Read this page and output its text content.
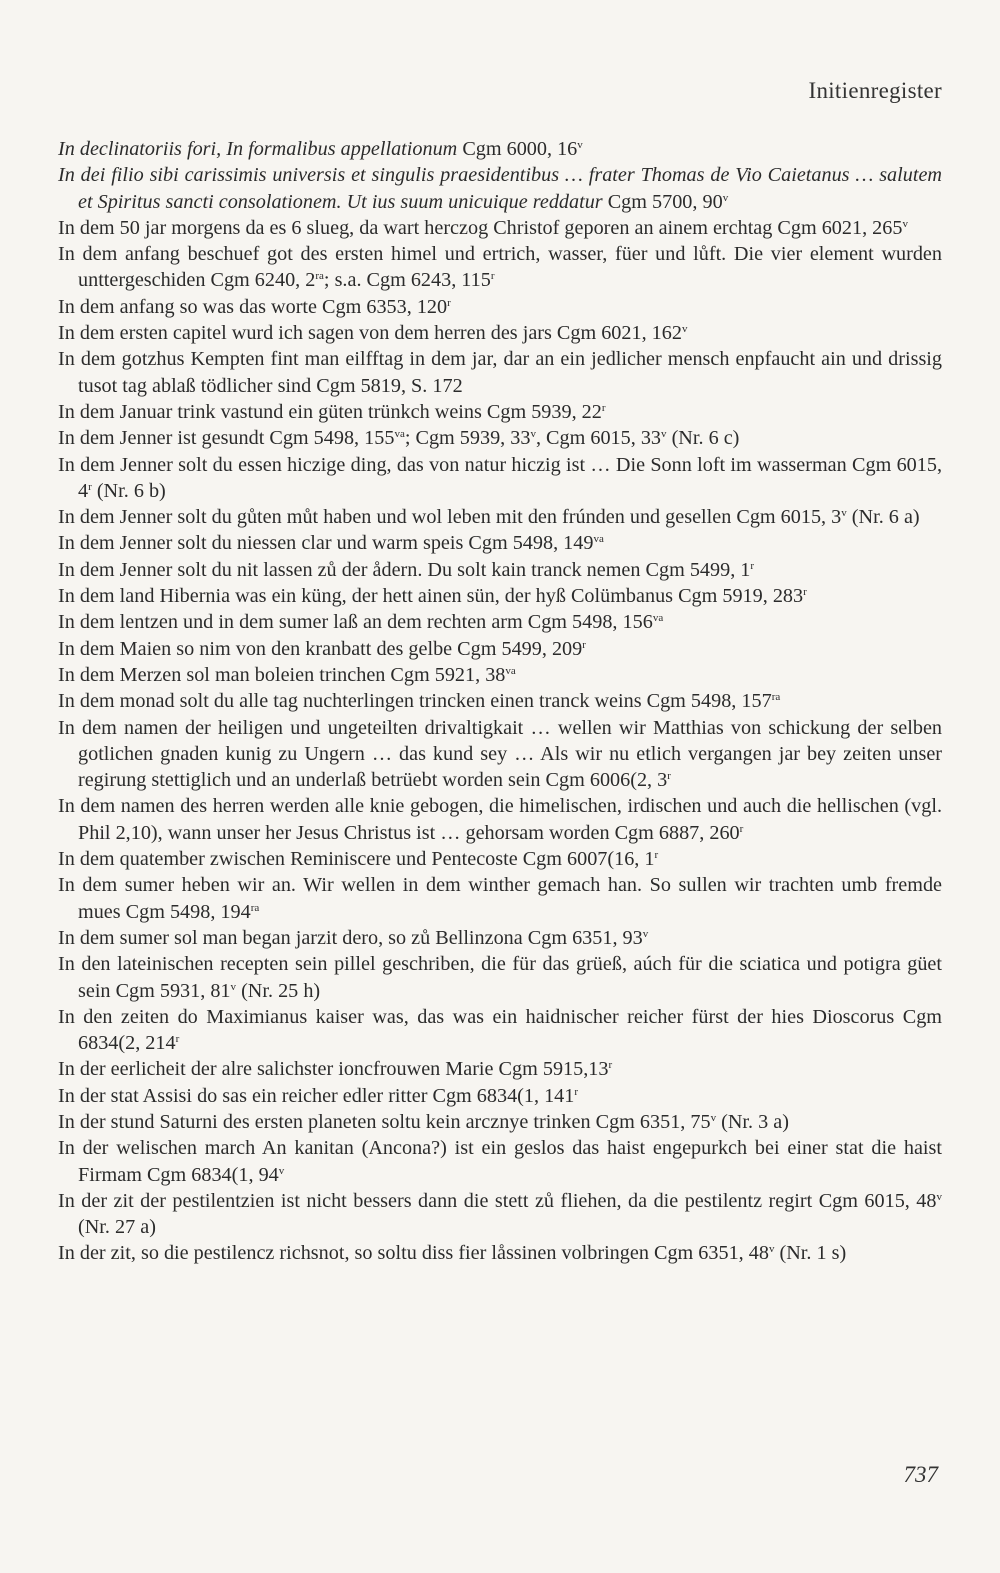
Initienregister
In declinatoriis fori, In formalibus appellationum Cgm 6000, 16$^v$
In dei filio sibi carissimis universis et singulis praesidentibus … frater Thomas de Vio Caietanus … salutem et Spiritus sancti consolationem. Ut ius suum unicuique reddatur Cgm 5700, 90$^v$
In dem 50 jar morgens da es 6 slueg, da wart herczog Christof geporen an ainem erchtag Cgm 6021, 265$^v$
In dem anfang beschuef got des ersten himel und ertrich, wasser, füer und lůft. Die vier element wurden unttergeschiden Cgm 6240, $2^{ra}$; s.a. Cgm 6243, 115$^r$
In dem anfang so was das worte Cgm 6353, 120$^r$
In dem ersten capitel wurd ich sagen von dem herren des jars Cgm 6021, 162$^v$
In dem gotzhus Kempten fint man eilfftag in dem jar, dar an ein jedlicher mensch enpfaucht ain und drissig tusot tag ablaß tödlicher sind Cgm 5819, S. 172
In dem Januar trink vastund ein güten trünkch weins Cgm 5939, 22$^r$
In dem Jenner ist gesundt Cgm 5498, $155^{va}$; Cgm 5939, 33$^v$, Cgm 6015, 33$^v$ (Nr. 6 c)
In dem Jenner solt du essen hiczige ding, das von natur hiczig ist … Die Sonn loft im wasserman Cgm 6015, 4$^r$ (Nr. 6 b)
In dem Jenner solt du gůten můt haben und wol leben mit den frúnden und gesellen Cgm 6015, 3$^v$ (Nr. 6 a)
In dem Jenner solt du niessen clar und warm speis Cgm 5498, $149^{va}$
In dem Jenner solt du nit lassen zů der ådern. Du solt kain tranck nemen Cgm 5499, 1$^r$
In dem land Hibernia was ein küng, der hett ainen sün, der hyß Colümbanus Cgm 5919, 283$^r$
In dem lentzen und in dem sumer laß an dem rechten arm Cgm 5498, $156^{va}$
In dem Maien so nim von den kranbatt des gelbe Cgm 5499, 209$^r$
In dem Merzen sol man boleien trinchen Cgm 5921, $38^{va}$
In dem monad solt du alle tag nuchterlingen trincken einen tranck weins Cgm 5498, $157^{ra}$
In dem namen der heiligen und ungeteilten drivaltigkait … wellen wir Matthias von schickung der selben gotlichen gnaden kunig zu Ungern … das kund sey … Als wir nu etlich vergangen jar bey zeiten unser regirung stettiglich und an underlaß betrüebt worden sein Cgm 6006(2, 3$^r$
In dem namen des herren werden alle knie gebogen, die himelischen, irdischen und auch die hellischen (vgl. Phil 2,10), wann unser her Jesus Christus ist … gehorsam worden Cgm 6887, 260$^r$
In dem quatember zwischen Reminiscere und Pentecoste Cgm 6007(16, 1$^r$
In dem sumer heben wir an. Wir wellen in dem winther gemach han. So sullen wir trachten umb fremde mues Cgm 5498, $194^{ra}$
In dem sumer sol man began jarzit dero, so zů Bellinzona Cgm 6351, 93$^v$
In den lateinischen recepten sein pillel geschriben, die für das grüeß, aúch für die sciatica und potigra güet sein Cgm 5931, 81$^v$ (Nr. 25 h)
In den zeiten do Maximianus kaiser was, das was ein haidnischer reicher fürst der hies Dioscorus Cgm 6834(2, 214$^r$
In der eerlicheit der alre salichster ioncfrouwen Marie Cgm 5915,13$^r$
In der stat Assisi do sas ein reicher edler ritter Cgm 6834(1, 141$^r$
In der stund Saturni des ersten planeten soltu kein arcznye trinken Cgm 6351, 75$^v$ (Nr. 3 a)
In der welischen march An kanitan (Ancona?) ist ein geslos das haist engepurkch bei einer stat die haist Firmam Cgm 6834(1, 94$^v$
In der zit der pestilentzien ist nicht bessers dann die stett zů fliehen, da die pestilentz regirt Cgm 6015, 48$^v$ (Nr. 27 a)
In der zit, so die pestilencz richsnot, so soltu diss fier låssinen volbringen Cgm 6351, 48$^v$ (Nr. 1 s)
737
